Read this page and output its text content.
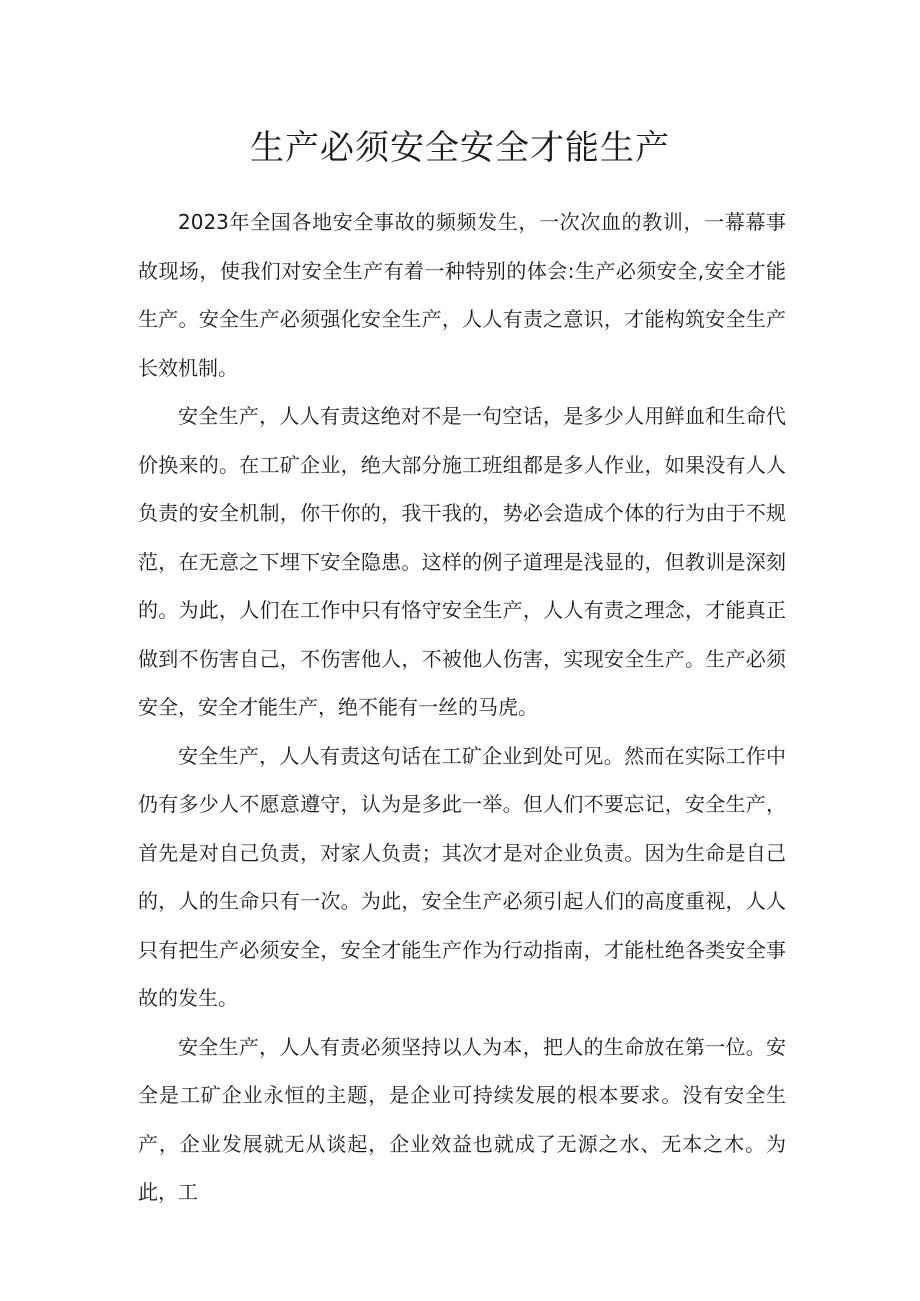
生产必须安全安全才能生产

2023年全国各地安全事故的频频发生，一次次血的教训，一幕幕事故现场，使我们对安全生产有着一种特别的体会:生产必须安全,安全才能生产。安全生产必须强化安全生产，人人有责之意识，才能构筑安全生产长效机制。

安全生产，人人有责这绝对不是一句空话，是多少人用鲜血和生命代价换来的。在工矿企业，绝大部分施工班组都是多人作业，如果没有人人负责的安全机制，你干你的，我干我的，势必会造成个体的行为由于不规范，在无意之下埋下安全隐患。这样的例子道理是浅显的，但教训是深刻的。为此，人们在工作中只有恪守安全生产，人人有责之理念，才能真正做到不伤害自己，不伤害他人，不被他人伤害，实现安全生产。生产必须安全，安全才能生产，绝不能有一丝的马虎。

安全生产，人人有责这句话在工矿企业到处可见。然而在实际工作中仍有多少人不愿意遵守，认为是多此一举。但人们不要忘记，安全生产，首先是对自己负责，对家人负责；其次才是对企业负责。因为生命是自己的，人的生命只有一次。为此，安全生产必须引起人们的高度重视，人人只有把生产必须安全，安全才能生产作为行动指南，才能杜绝各类安全事故的发生。

安全生产，人人有责必须坚持以人为本，把人的生命放在第一位。安全是工矿企业永恒的主题，是企业可持续发展的根本要求。没有安全生产，企业发展就无从谈起，企业效益也就成了无源之水、无本之木。为此，工
